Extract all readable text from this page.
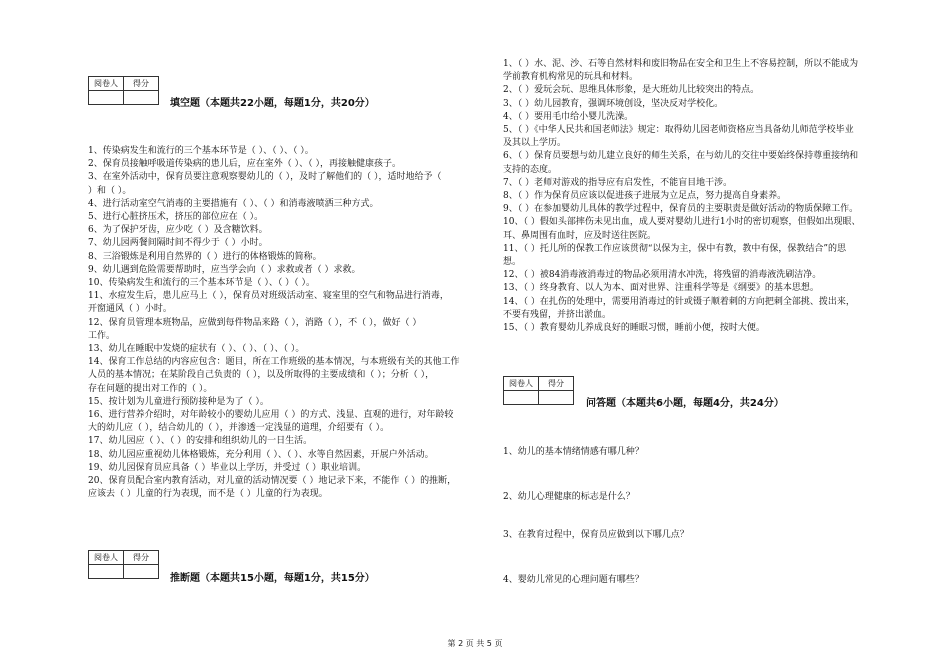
阅卷人	得分

填空题（本题共22小题，每题1分，共20分）
1、传染病发生和流行的三个基本环节是（ ）、（ ）、（ ）。
2、保育员接触呼吸道传染病的患儿后，应在室外（ ）、（ ），再接触健康孩子。
3、在室外活动中，保育员要注意观察婴幼儿的（ ），及时了解他们的（ ），适时地给予（
）和（ ）。
4、进行活动室空气消毒的主要措施有（ ）、（ ）和消毒液喷洒三种方式。
5、进行心脏挤压术，挤压的部位应在（ ）。
6、为了保护牙齿，应少吃（ ）及含糖饮料。
7、幼儿园两餐间隔时间不得少于（ ）小时。
8、三浴锻炼是利用自然界的（ ）进行的体格锻炼的简称。
9、幼儿遇到危险需要帮助时，应当学会向（ ）求救或者（ ）求救。
10、传染病发生和流行的三个基本环节是（ ）、（ ）（ ）。
11、水痘发生后，患儿应马上（ ），保育员对班级活动室、寝室里的空气和物品进行消毒，
开窗通风（ ）小时。
12、保育员管理本班物品，应做到每件物品来路（ ），消路（ ），不（ ），做好（ ）
工作。
13、幼儿在睡眠中发烧的症状有（ ）、（ ）、（ ）、（ ）。
14、保育工作总结的内容应包含：题目，所在工作班级的基本情况，与本班级有关的其他工作
人员的基本情况；在某阶段自己负责的（ ），以及所取得的主要成绩和（ ）；分析（ ），
存在问题的提出对工作的（ ）。
15、按计划为儿童进行预防接种是为了（ ）。
16、进行营养介绍时，对年龄较小的婴幼儿应用（ ）的方式、浅显、直观的进行，对年龄较
大的幼儿应（ ），结合幼儿的（ ），并渗透一定浅显的道理，介绍要有（ ）。
17、幼儿园应（ ）、（ ）的安排和组织幼儿的一日生活。
18、幼儿园应重视幼儿体格锻炼，充分利用（ ）、（ ）、水等自然因素，开展户外活动。
19、幼儿园保育员应具备（ ）毕业以上学历，并受过（ ）职业培训。
20、保育员配合室内教育活动，对儿童的活动情况要（ ）地记录下来，不能作（ ）的推断，
应该去（ ）儿童的行为表现，而不是（ ）儿童的行为表现。
阅卷人	得分

推断题（本题共15小题，每题1分，共15分）
1、（ ）水、泥、沙、石等自然材料和废旧物品在安全和卫生上不容易控制，所以不能成为
学前教育机构常见的玩具和材料。
2、（ ）爱玩会玩、思维具体形象，是大班幼儿比较突出的特点。
3、（ ）幼儿园教育，强调环境创设，坚决反对学校化。
4、（ ）要用毛巾给小婴儿洗澡。
5、（ ）《中华人民共和国老师法》规定：取得幼儿园老师资格应当具备幼儿师范学校毕业
及其以上学历。
6、（ ）保育员要想与幼儿建立良好的师生关系，在与幼儿的交往中要始终保持尊重接纳和
支持的态度。
7、（ ）老师对游戏的指导应有启发性，不能盲目地干涉。
8、（ ）作为保育员应该以促进孩子进展为立足点，努力提高自身素养。
9、（ ）在参加婴幼儿具体的教学过程中，保育员的主要职责是做好活动的物质保障工作。
10、（ ）假如头部摔伤未见出血，成人要对婴幼儿进行1小时的密切观察，但假如出现眼、
耳、鼻周围有血时，应及时送往医院。
11、（ ）托儿所的保教工作应该贯彻“以保为主，保中有教，教中有保，保教结合”的思
想。
12、（ ）被84消毒液消毒过的物品必须用清水冲洗，将残留的消毒液洗刷洁净。
13、（ ）终身教育、以人为本、面对世界、注重科学等是《纲要》的基本思想。
14、（ ）在扎伤的处理中，需要用消毒过的针或镊子顺着刺的方向把刺全部挑、拨出来，
不要有残留，并挤出淤血。
15、（ ）教育婴幼儿养成良好的睡眠习惯，睡前小便，按时大便。
阅卷人	得分

问答题（本题共6小题，每题4分，共24分）
1、幼儿的基本情绪情感有哪几种？
2、幼儿心理健康的标志是什么？
3、在教育过程中，保育员应做到以下哪几点？
4、婴幼儿常见的心理问题有哪些？
第 2 页 共 5 页
